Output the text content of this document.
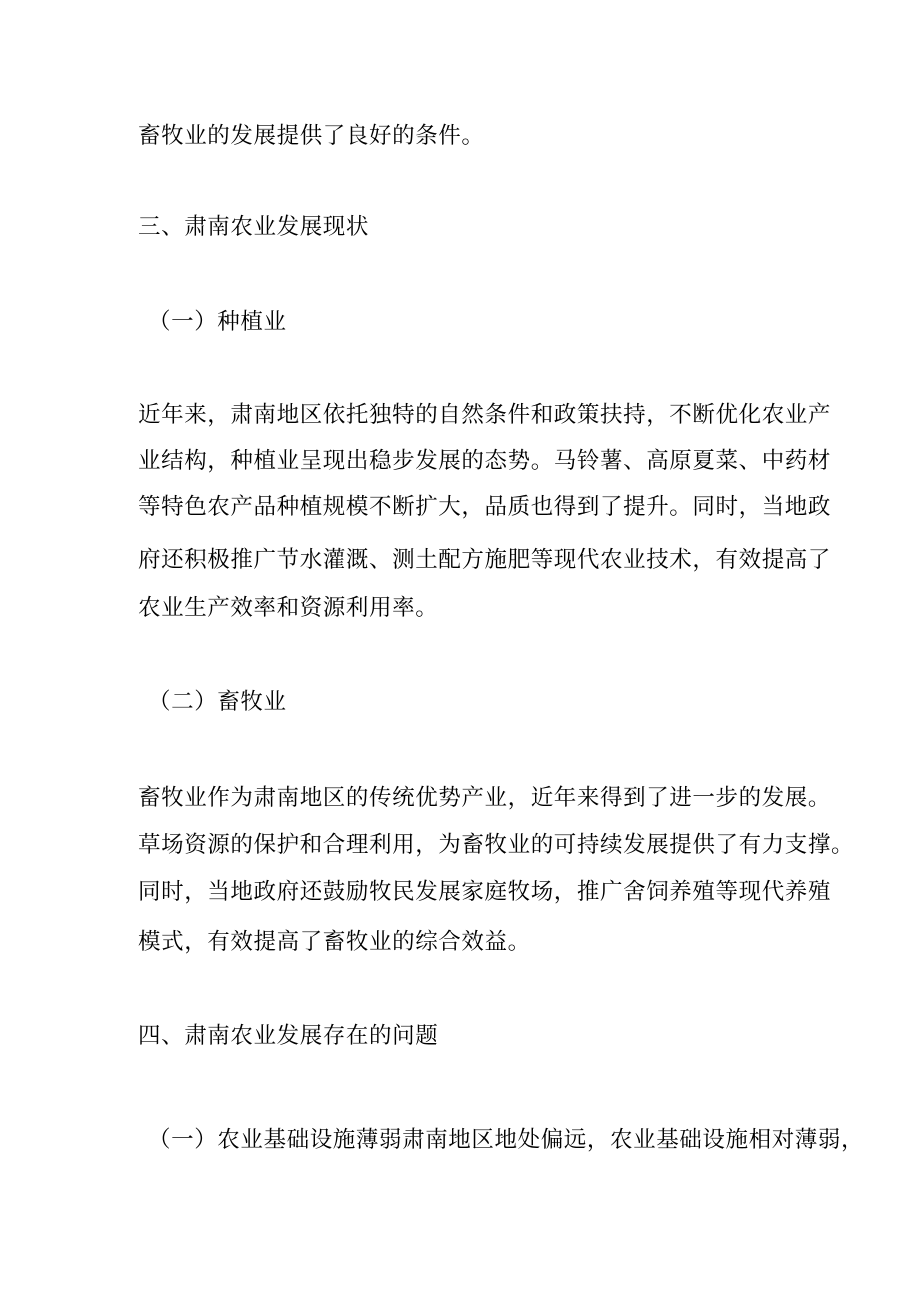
畜牧业的发展提供了良好的条件。

三、肃南农业发展现状

（一）种植业

近年来，肃南地区依托独特的自然条件和政策扶持，不断优化农业产

业结构，种植业呈现出稳步发展的态势。马铃薯、高原夏菜、中药材

等特色农产品种植规模不断扩大，品质也得到了提升。同时，当地政

府还积极推广节水灌溉、测土配方施肥等现代农业技术，有效提高了

农业生产效率和资源利用率。

（二）畜牧业

畜牧业作为肃南地区的传统优势产业，近年来得到了进一步的发展。

草场资源的保护和合理利用，为畜牧业的可持续发展提供了有力支撑。

同时，当地政府还鼓励牧民发展家庭牧场，推广舍饲养殖等现代养殖

模式，有效提高了畜牧业的综合效益。

四、肃南农业发展存在的问题

（一）农业基础设施薄弱肃南地区地处偏远，农业基础设施相对薄弱，
